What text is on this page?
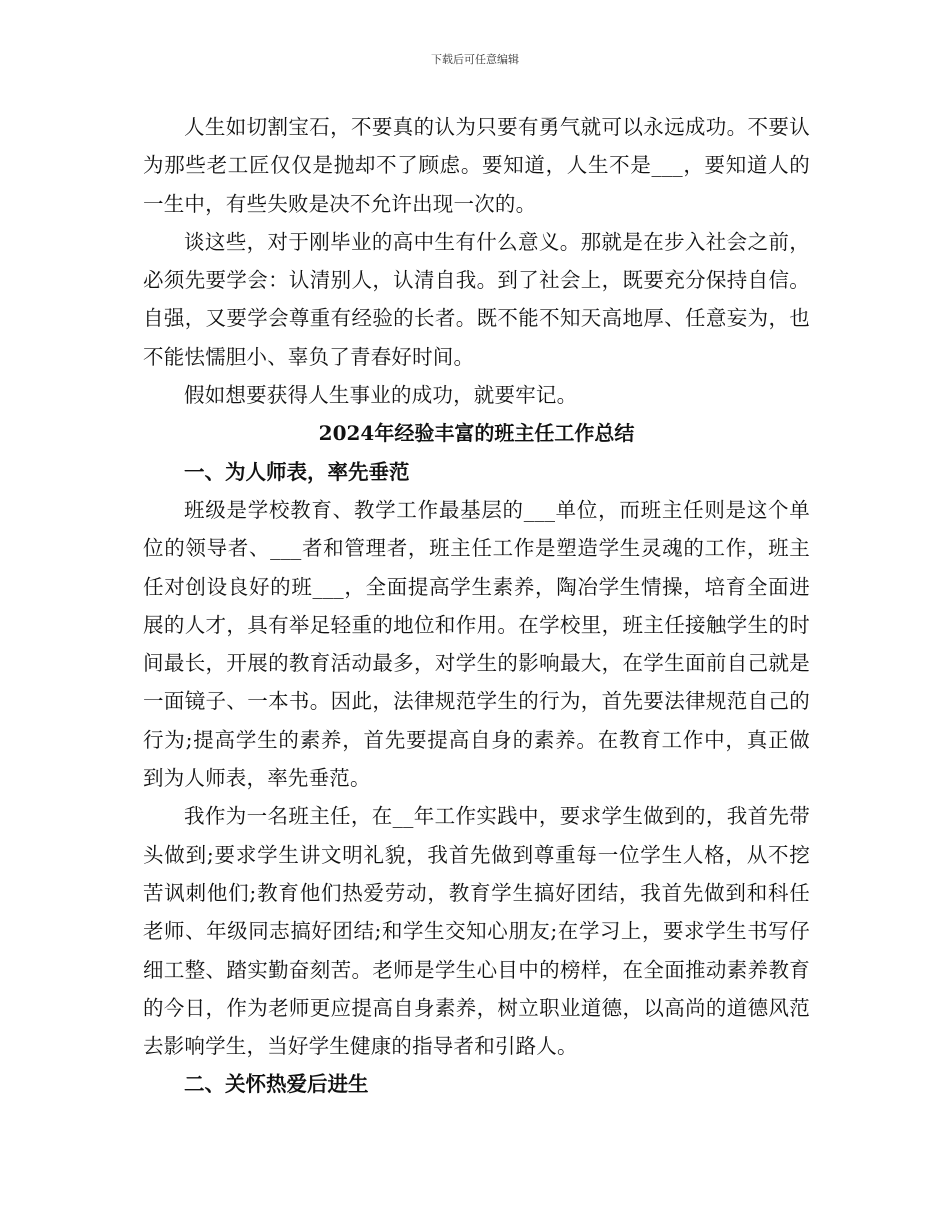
下载后可任意编辑

人生如切割宝石，不要真的认为只要有勇气就可以永远成功。不要认为那些老工匠仅仅是抛却不了顾虑。要知道，人生不是___，要知道人的一生中，有些失败是决不允许出现一次的。

谈这些，对于刚毕业的高中生有什么意义。那就是在步入社会之前，必须先要学会：认清别人，认清自我。到了社会上，既要充分保持自信。自强，又要学会尊重有经验的长者。既不能不知天高地厚、任意妄为，也不能怯懦胆小、辜负了青春好时间。

假如想要获得人生事业的成功，就要牢记。

2024年经验丰富的班主任工作总结

一、为人师表，率先垂范

班级是学校教育、教学工作最基层的___单位，而班主任则是这个单位的领导者、___者和管理者，班主任工作是塑造学生灵魂的工作，班主任对创设良好的班___，全面提高学生素养，陶冶学生情操，培育全面进展的人才，具有举足轻重的地位和作用。在学校里，班主任接触学生的时间最长，开展的教育活动最多，对学生的影响最大，在学生面前自己就是一面镜子、一本书。因此，法律规范学生的行为，首先要法律规范自己的行为;提高学生的素养，首先要提高自身的素养。在教育工作中，真正做到为人师表，率先垂范。

我作为一名班主任，在__年工作实践中，要求学生做到的，我首先带头做到;要求学生讲文明礼貌，我首先做到尊重每一位学生人格，从不挖苦讽刺他们;教育他们热爱劳动，教育学生搞好团结，我首先做到和科任老师、年级同志搞好团结;和学生交知心朋友;在学习上，要求学生书写仔细工整、踏实勤奋刻苦。老师是学生心目中的榜样，在全面推动素养教育的今日，作为老师更应提高自身素养，树立职业道德，以高尚的道德风范去影响学生，当好学生健康的指导者和引路人。

二、关怀热爱后进生
